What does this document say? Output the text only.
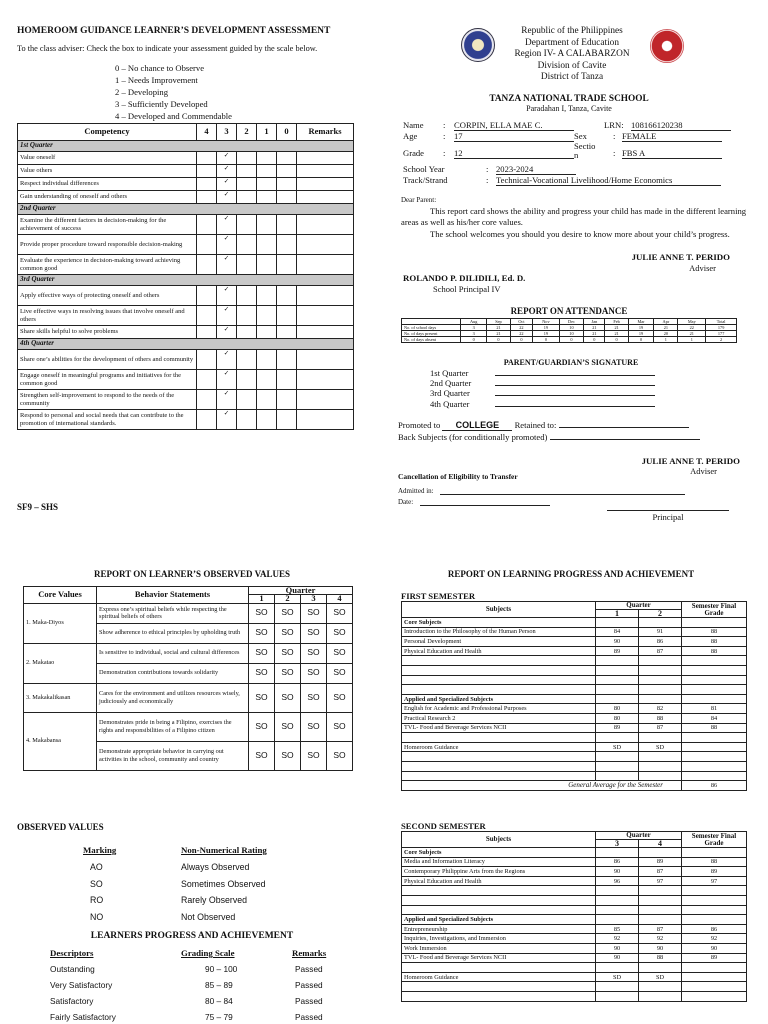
HOMEROOM GUIDANCE LEARNER’S DEVELOPMENT ASSESSMENT
To the class adviser: Check the box to indicate your assessment guided by the scale below.
0 – No chance to Observe
1 – Needs Improvement
2 – Developing
3 – Sufficiently Developed
4 – Developed and Commendable
Competency	4	3	2	1	0	Remarks
1st Quarter						
Value oneself		✓				
Value others		✓				
Respect individual differences		✓				
Gain understanding of oneself and others		✓				
2nd Quarter						
Examine the different factors in decision-making for the achievement of success		✓				
Provide proper procedure toward responsible decision-making		✓				
Evaluate the experience in decision-making toward achieving common good		✓				
3rd Quarter						
Apply effective ways of protecting oneself and others		✓				
Live effective ways in resolving issues that involve oneself and others		✓				
Share skills helpful to solve problems		✓				
4th Quarter						
Share one’s abilities for the development of others and community		✓				
Engage oneself in meaningful programs and initiatives for the common good		✓				
Strengthen self-improvement to respond to the needs of the community		✓				
Respond to personal and social needs that can contribute to the promotion of international standards.		✓				
SF9 – SHS
Republic of the Philippines
Department of Education
Region IV- A CALABARZON
Division of Cavite
District of Tanza
TANZA NATIONAL TRADE SCHOOL
Paradahan I, Tanza, Cavite
Name : CORPIN, ELLA MAE C.	LRN: 108166120238
Age	: 17	Sex	: FEMALE
Grade : 12
Sectio n	: FBS A
School Year	: 2023-2024
Track/Strand	: Technical-Vocational Livelihood/Home Economics
Dear Parent:
This report card shows the ability and progress your child has made in the different learning areas as well as his/her core values.
The school welcomes you should you desire to know more about your child’s progress.
JULIE ANNE T. PERIDO
Adviser
ROLANDO P. DILIDILI, Ed. D.
School Principal IV
REPORT ON ATTENDANCE
	Aug	Sep	Oct	Nov	Dec	Jan	Feb	Mar	Apr	May	Total
No. of school days	3	21	22	19	10	21	21	19	21	22	179
No. of days present	3	21	22	19	10	21	21	19	20	21	177
No. of days absent	0	0	0	0	0	0	0	0	1	1	2
PARENT/GUARDIAN’S SIGNATURE
1st Quarter
2nd Quarter
3rd Quarter
4th Quarter
Promoted to COLLEGE Retained to:
Back Subjects (for conditionally promoted)
JULIE ANNE T. PERIDO
Adviser
Cancellation of Eligibility to Transfer
Admitted in:
Date:
Principal
REPORT ON LEARNER’S OBSERVED VALUES
Core Values	Behavior Statements	Quarter			
		1	2	3	4
1. Maka-Diyos	Express one’s spiritual beliefs while respecting the spiritual beliefs of others	SO	SO	SO	SO
	Show adherence to ethical principles by upholding truth	SO	SO	SO	SO
2. Makatao	Is sensitive to individual, social and cultural differences	SO	SO	SO	SO
	Demonstration contributions towards solidarity	SO	SO	SO	SO
3. Makakalikasan	Cares for the environment and utilizes resources wisely, judiciously and economically	SO	SO	SO	SO
4. Makabansa	Demonstrates pride in being a Filipino, exercises the rights and responsibilities of a Filipino citizen	SO	SO	SO	SO
	Demonstrate appropriate behavior in carrying out activities in the school, community and country	SO	SO	SO	SO
OBSERVED VALUES
Marking	Non-Numerical Rating
AO	Always Observed
SO	Sometimes Observed
RO	Rarely Observed
NO	Not Observed
LEARNERS PROGRESS AND ACHIEVEMENT
Descriptors	Grading Scale	Remarks
Outstanding	90 – 100	Passed
Very Satisfactory	85 – 89	Passed
Satisfactory	80 – 84	Passed
Fairly Satisfactory	75 – 79	Passed
REPORT ON LEARNING PROGRESS AND ACHIEVEMENT
FIRST SEMESTER
Subjects	Quarter		Semester Final Grade
	1	2	
Core Subjects			
Introduction to the Philosophy of the Human Person	84	91	88
Personal Development	90	86	88
Physical Education and Health	89	87	88

Applied and Specialized Subjects			
English for Academic and Professional Purposes	80	82	81
Practical Research 2	80	88	84
TVL- Food and Beverage Services NCII	89	87	88

Homeroom Guidance	SD	SD	

General Average for the Semester			86
SECOND SEMESTER
Subjects	Quarter		Semester Final Grade
	3	4	
Core Subjects			
Media and Information Literacy	86	89	88
Contemporary Philippine Arts from the Regions	90	87	89
Physical Education and Health	96	97	97

Applied and Specialized Subjects			
Entrepreneurship	85	87	86
Inquiries, Investigations, and Immersion	92	92	92
Work Immersion	90	90	90
TVL- Food and Beverage Services NCII	90	88	89

Homeroom Guidance	SD	SD	
